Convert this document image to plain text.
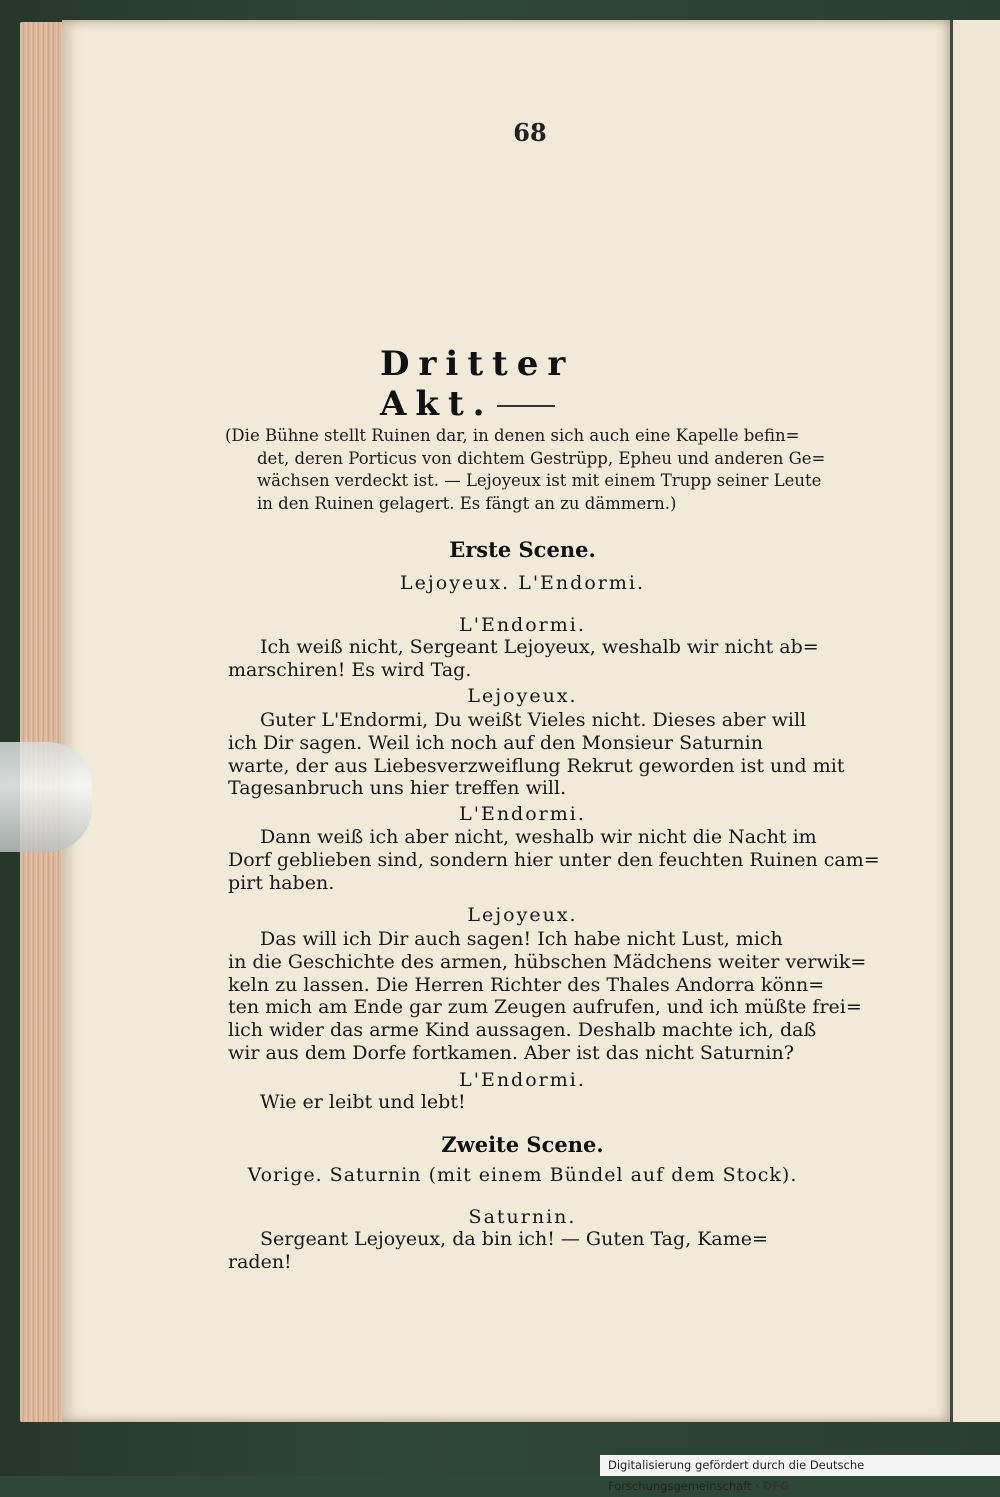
68
Dritter Akt.
(Die Bühne stellt Ruinen dar, in denen sich auch eine Kapelle befin=
det, deren Porticus von dichtem Gestrüpp, Epheu und anderen Ge=
wächsen verdeckt ist. — Lejoyeux ist mit einem Trupp seiner Leute
in den Ruinen gelagert. Es fängt an zu dämmern.)
Erste Scene.
Lejoyeux. L'Endormi.
L'Endormi.
Ich weiß nicht, Sergeant Lejoyeux, weshalb wir nicht ab=
marschiren! Es wird Tag.
Lejoyeux.
Guter L'Endormi, Du weißt Vieles nicht. Dieses aber will
ich Dir sagen. Weil ich noch auf den Monsieur Saturnin
warte, der aus Liebesverzweiflung Rekrut geworden ist und mit
Tagesanbruch uns hier treffen will.
L'Endormi.
Dann weiß ich aber nicht, weshalb wir nicht die Nacht im
Dorf geblieben sind, sondern hier unter den feuchten Ruinen cam=
pirt haben.
Lejoyeux.
Das will ich Dir auch sagen! Ich habe nicht Lust, mich
in die Geschichte des armen, hübschen Mädchens weiter verwik=
keln zu lassen. Die Herren Richter des Thales Andorra könn=
ten mich am Ende gar zum Zeugen aufrufen, und ich müßte frei=
lich wider das arme Kind aussagen. Deshalb machte ich, daß
wir aus dem Dorfe fortkamen. Aber ist das nicht Saturnin?
L'Endormi.
Wie er leibt und lebt!
Zweite Scene.
Vorige. Saturnin (mit einem Bündel auf dem Stock).
Saturnin.
Sergeant Lejoyeux, da bin ich! — Guten Tag, Kame=
raden!
Digitalisierung gefördert durch die Deutsche Forschungsgemeinschaft · DFG
